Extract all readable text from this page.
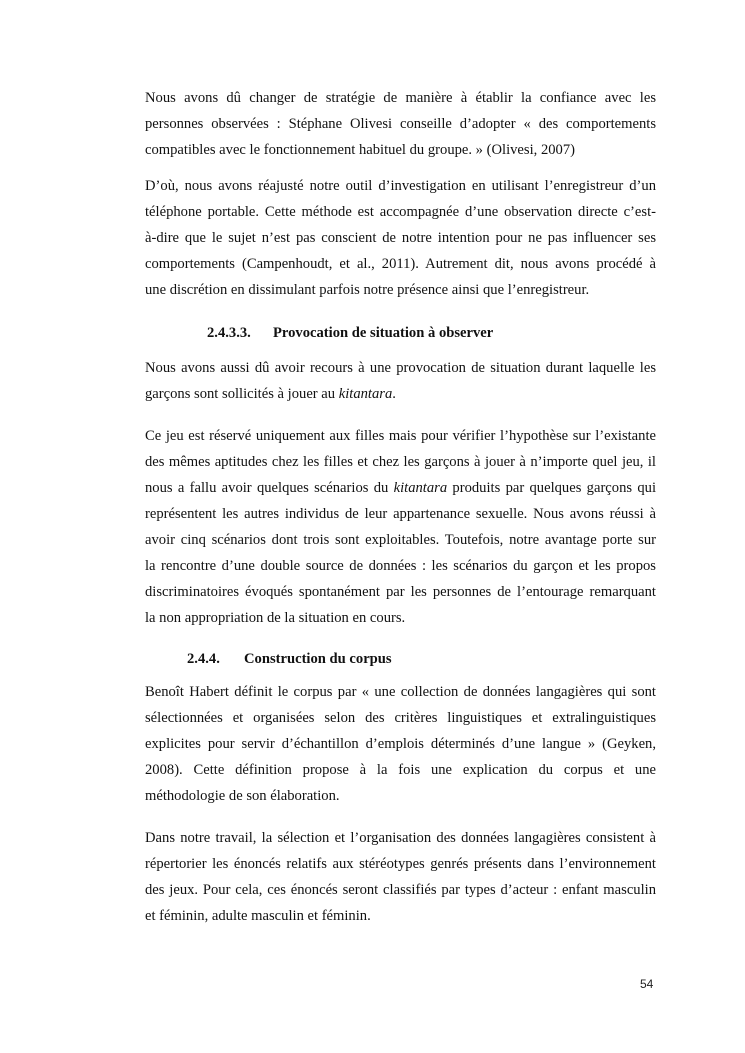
Nous avons dû changer de stratégie de manière à établir la confiance avec les
personnes observées : Stéphane Olivesi conseille d’adopter « des comportements
compatibles avec le fonctionnement habituel du groupe. » (Olivesi, 2007)
D’où, nous avons réajusté notre outil d’investigation en utilisant l’enregistreur d’un
téléphone portable. Cette méthode est accompagnée d’une observation directe c’est-
à-dire que le sujet n’est pas conscient de notre intention pour ne pas influencer ses
comportements (Campenhoudt, et al., 2011). Autrement dit, nous avons procédé à
une discrétion en dissimulant parfois notre présence ainsi que l’enregistreur.
2.4.3.3. Provocation de situation à observer
Nous avons aussi dû avoir recours à une provocation de situation durant laquelle les
garçons sont sollicités à jouer au kitantara.
Ce jeu est réservé uniquement aux filles mais pour vérifier l’hypothèse sur l’existante
des mêmes aptitudes chez les filles et chez les garçons à jouer à n’importe quel jeu, il
nous a fallu avoir quelques scénarios du kitantara produits par quelques garçons qui
représentent les autres individus de leur appartenance sexuelle. Nous avons réussi à
avoir cinq scénarios dont trois sont exploitables. Toutefois, notre avantage porte sur
la rencontre d’une double source de données : les scénarios du garçon et les propos
discriminatoires évoqués spontanément par les personnes de l’entourage remarquant
la non appropriation de la situation en cours.
2.4.4. Construction du corpus
Benoît Habert définit le corpus par « une collection de données langagières qui sont
sélectionnées et organisées selon des critères linguistiques et extralinguistiques
explicites pour servir d’échantillon d’emplois déterminés d’une langue » (Geyken,
2008). Cette définition propose à la fois une explication du corpus et une
méthodologie de son élaboration.
Dans notre travail, la sélection et l’organisation des données langagières consistent à
répertorier les énoncés relatifs aux stéréotypes genrés présents dans l’environnement
des jeux. Pour cela, ces énoncés seront classifiés par types d’acteur : enfant masculin
et féminin, adulte masculin et féminin.
54
